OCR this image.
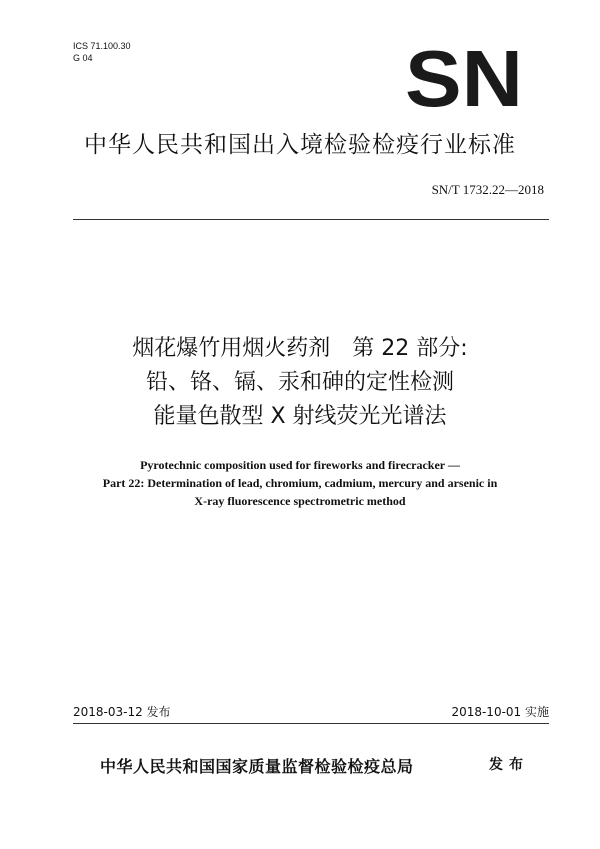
ICS 71.100.30
G 04	SN
中华人民共和国出入境检验检疫行业标准
SN/T 1732.22—2018
烟花爆竹用烟火药剂　第 22 部分:
铅、铬、镉、汞和砷的定性检测
能量色散型 X 射线荧光光谱法
Pyrotechnic composition used for fireworks and firecracker —
Part 22: Determination of lead, chromium, cadmium, mercury and arsenic in
X-ray fluorescence spectrometric method
2018-03-12 发布	2018-10-01 实施
中华人民共和国国家质量监督检验检疫总局	发布
